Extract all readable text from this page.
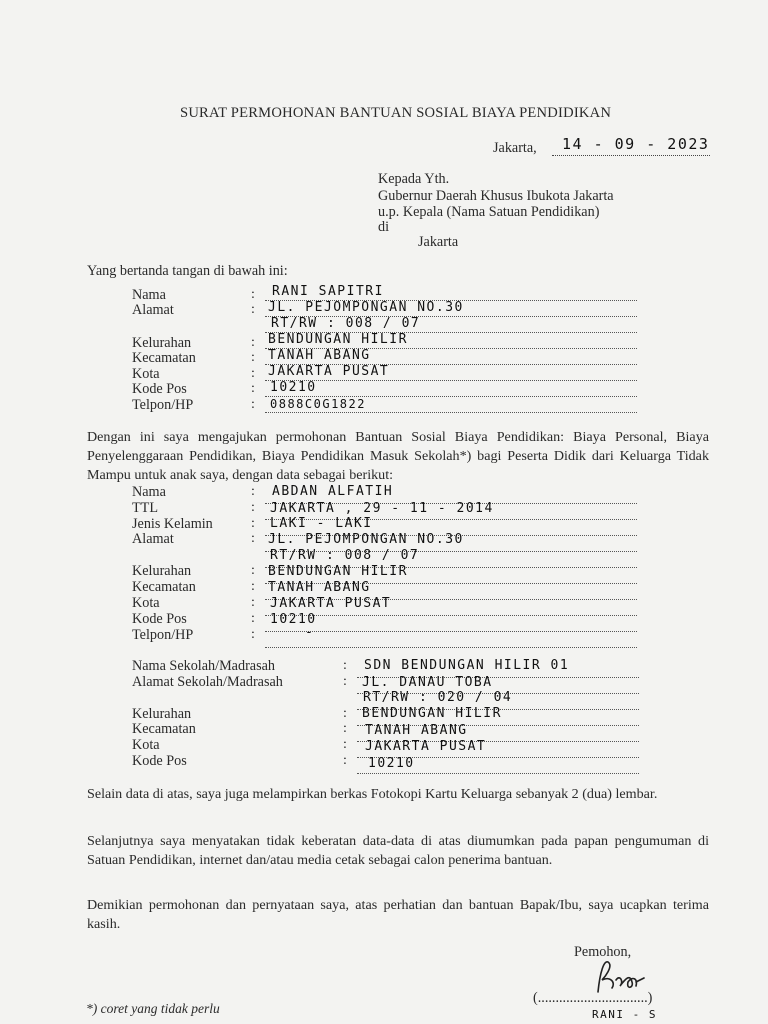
SURAT PERMOHONAN BANTUAN SOSIAL BIAYA PENDIDIKAN
Jakarta, 14 - 09 - 2023
Kepada Yth.
Gubernur Daerah Khusus Ibukota Jakarta
u.p. Kepala (Nama Satuan Pendidikan)
di
Jakarta
Yang bertanda tangan di bawah ini:
Nama	: RANI SAPITRI
Alamat	: JL. PEJOMPONGAN NO.30
RT/RW : 008 / 07
Kelurahan	: BENDUNGAN HILIR
Kecamatan	: TANAH ABANG
Kota	: JAKARTA PUSAT
Kode Pos	: 10210
Telpon/HP	: 0888C0G1822
Dengan ini saya mengajukan permohonan Bantuan Sosial Biaya Pendidikan: Biaya Personal, Biaya Penyelenggaraan Pendidikan, Biaya Pendidikan Masuk Sekolah*) bagi Peserta Didik dari Keluarga Tidak Mampu untuk anak saya, dengan data sebagai berikut:
Nama	: ABDAN ALFATIH
TTL	: JAKARTA , 29 - 11 - 2014
Jenis Kelamin	: LAKI - LAKI
Alamat	: JL. PEJOMPONGAN NO.30
RT/RW : 008 / 07
Kelurahan	: BENDUNGAN HILIR
Kecamatan	: TANAH ABANG
Kota	: JAKARTA PUSAT
Kode Pos	: 10210
Telpon/HP	:	-
Nama Sekolah/Madrasah	: SDN BENDUNGAN HILIR 01
Alamat Sekolah/Madrasah	: JL. DANAU TOBA
RT/RW : 020 / 04
Kelurahan	: BENDUNGAN HILIR
Kecamatan	: TANAH ABANG
Kota	: JAKARTA PUSAT
Kode Pos	: 10210
Selain data di atas, saya juga melampirkan berkas Fotokopi Kartu Keluarga sebanyak 2 (dua) lembar.
Selanjutnya saya menyatakan tidak keberatan data-data di atas diumumkan pada papan pengumuman di Satuan Pendidikan, internet dan/atau media cetak sebagai calon penerima bantuan.
Demikian permohonan dan pernyataan saya, atas perhatian dan bantuan Bapak/Ibu, saya ucapkan terima kasih.
Pemohon,
(...............................)
RANI - S
*) coret yang tidak perlu
